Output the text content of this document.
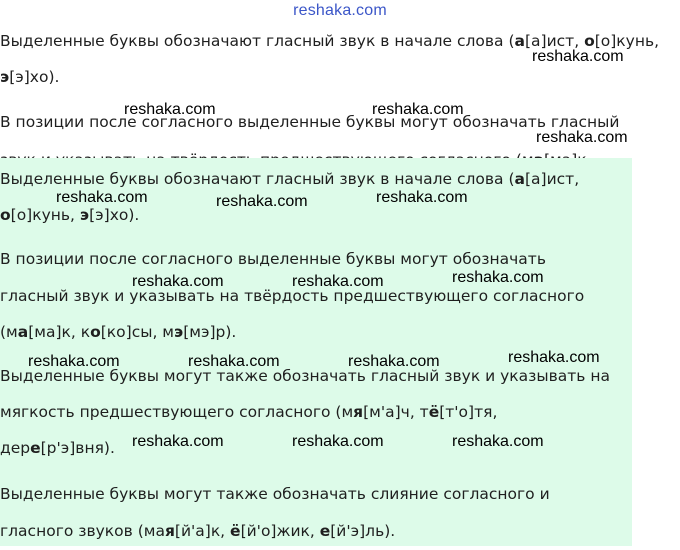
reshaka.com

Выделенные буквы обозначают гласный звук в начале слова (а[а]ист, о[о]кунь,

э[э]хо).

В позиции после согласного выделенные буквы могут обозначать гласный

Выделенные буквы обозначают гласный звук в начале слова (а[а]ист,

о[о]кунь, э[э]хо).

В позиции после согласного выделенные буквы могут обозначать

гласный звук и указывать на твёрдость предшествующего согласного

(ма[ма]к, ко[ко]сы, мэ[мэ]р).

Выделенные буквы могут также обозначать гласный звук и указывать на

мягкость предшествующего согласного (мя[м'а]ч, тё[т'о]тя,

дере[р'э]вня).

Выделенные буквы могут также обозначать слияние согласного и

гласного звуков (мая[й'а]к, ё[й'о]жик, е[й'э]ль).

reshaka.com
reshaka.com	reshaka.com
reshaka.com
reshaka.com	reshaka.com	reshaka.com
reshaka.com	reshaka.com	reshaka.com
reshaka.com	reshaka.com	reshaka.com	reshaka.com
reshaka.com	reshaka.com	reshaka.com
